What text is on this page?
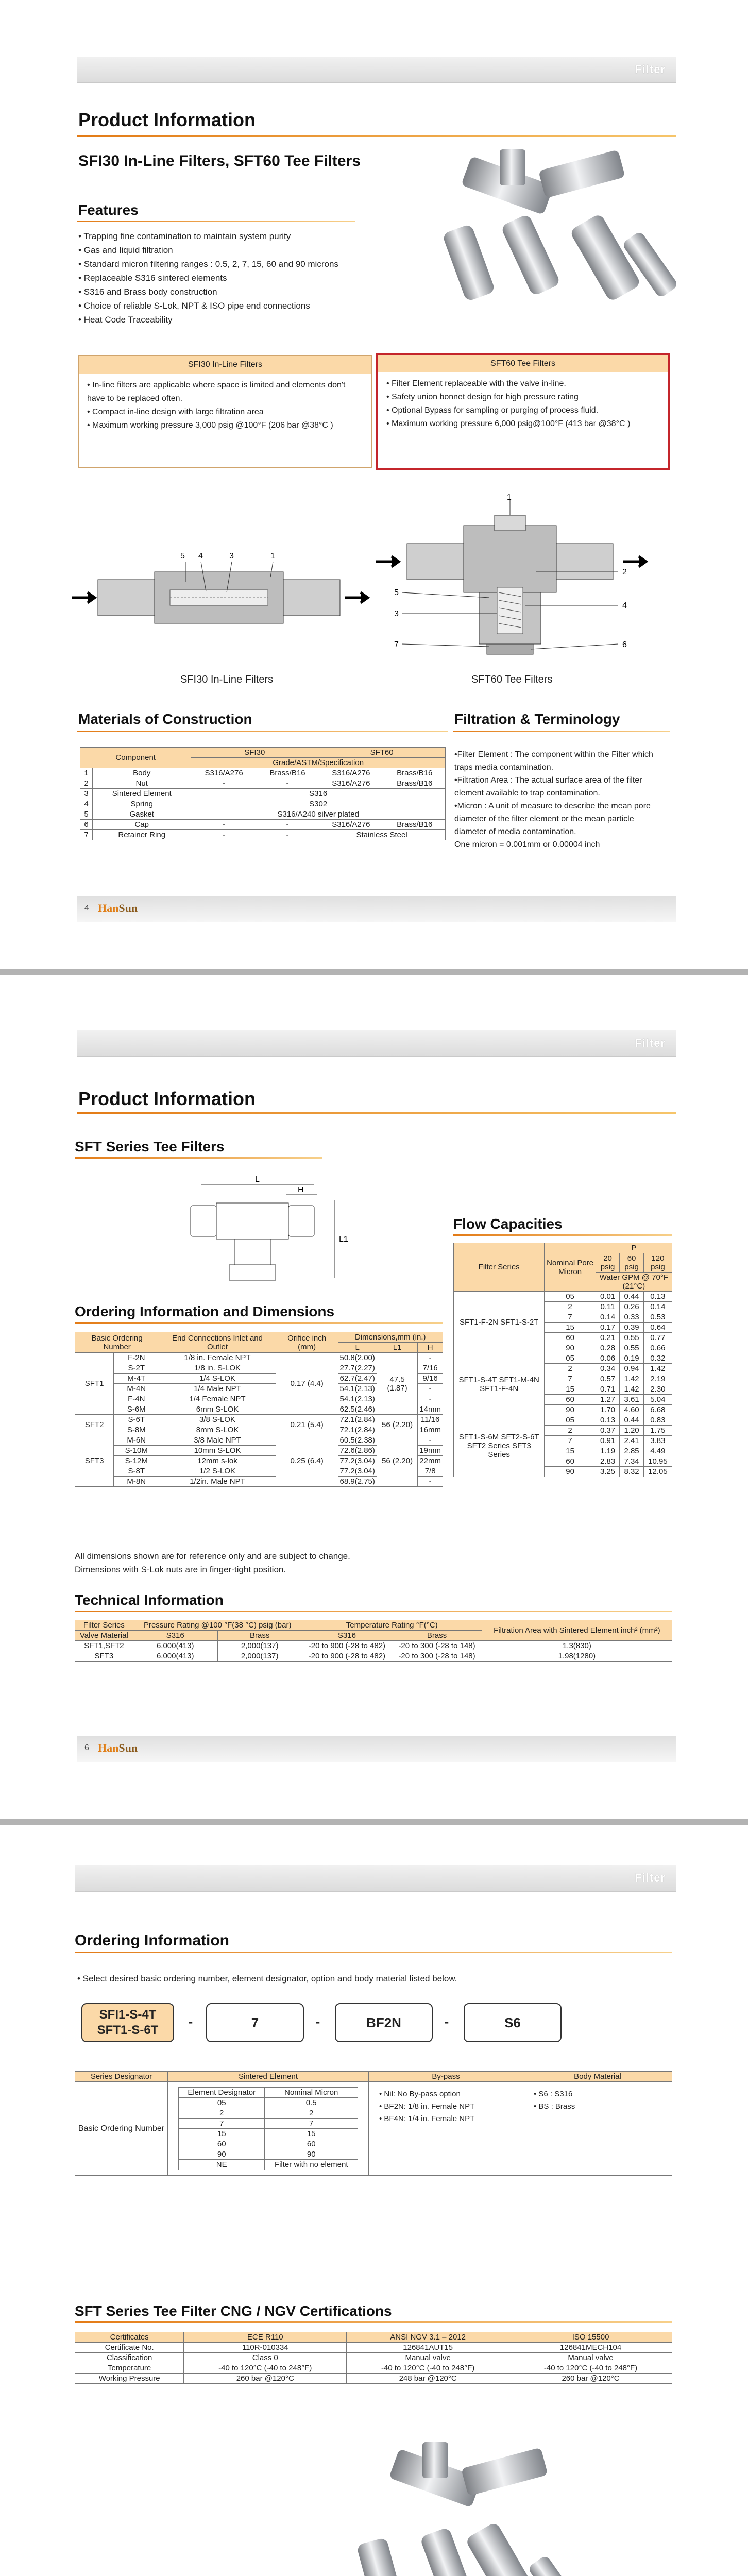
Filter
Product Information
SFI30 In-Line Filters, SFT60 Tee Filters
Features
• Trapping fine contamination to maintain system purity
• Gas and liquid filtration
• Standard micron filtering ranges : 0.5, 2, 7, 15, 60 and 90 microns
• Replaceable S316 sintered elements
• S316 and Brass body construction
• Choice of reliable S-Lok, NPT & ISO pipe end connections
• Heat Code Traceability
SFI30 In-Line Filters
• In-line filters are applicable where space is limited and elements don't have to be replaced often.
• Compact in-line design with large filtration area
• Maximum working pressure 3,000 psig @100°F (206 bar @38°C )
SFT60 Tee Filters
• Filter Element replaceable with the valve in-line.
• Safety union bonnet design for high pressure rating
• Optional Bypass for sampling or purging of process fluid.
• Maximum working pressure 6,000 psig@100°F (413 bar @38°C )
5 4	3	1
SFI30 In-Line Filters
1
5
3
2
4
7	6
SFT60 Tee Filters
Materials of Construction
Component		SFI30		SFT60	
		Grade/ASTM/Specification			
1	Body	S316/A276	Brass/B16	S316/A276	Brass/B16
2	Nut	-	-	S316/A276	Brass/B16
3	Sintered Element	S316			
4	Spring	S302			
5	Gasket	S316/A240 silver plated			
6	Cap	-	-	S316/A276	Brass/B16
7	Retainer Ring	-	-	Stainless Steel	
Filtration & Terminology

•Filter Element : The component within the Filter which traps media contamination.

•Filtration Area : The actual surface area of the filter element available to trap contamination.

•Micron : A unit of measure to describe the mean pore diameter of the filter element or the mean particle diameter of media contamination.

One micron = 0.001mm or 0.00004 inch

4 HanSun
Filter
Product Information
SFT Series Tee Filters
L
H
L1
Ordering Information and Dimensions
Basic Ordering Number		End Connections Inlet and Outlet	Orifice inch (mm)	Dimensions,mm (in.)		
				L	L1	H
SFT1	F-2N	1/8 in. Female NPT	0.17 (4.4)	50.8(2.00)	47.5 (1.87)	-
	S-2T	1/8 in. S-LOK		27.7(2.27)		7/16
	M-4T	1/4 S-LOK		62.7(2.47)		9/16
	M-4N	1/4 Male NPT		54.1(2.13)		-
	F-4N	1/4 Female NPT		54.1(2.13)		-
	S-6M	6mm S-LOK		62.5(2.46)		14mm
SFT2	S-6T	3/8 S-LOK	0.21 (5.4)	72.1(2.84)	56 (2.20)	11/16
	S-8M	8mm S-LOK		72.1(2.84)		16mm
SFT3	M-6N	3/8 Male NPT	0.25 (6.4)	60.5(2.38)	56 (2.20)	-
	S-10M	10mm S-LOK		72.6(2.86)		19mm
	S-12M	12mm s-lok		77.2(3.04)		22mm
	S-8T	1/2 S-LOK		77.2(3.04)		7/8
	M-8N	1/2in. Male NPT		68.9(2.75)		-

All dimensions shown are for reference only and are subject to change.

Dimensions with S-Lok nuts are in finger-tight position.

Flow Capacities
Filter Series	Nominal Pore Micron	P		
		20 psig	60 psig	120 psig
		Water GPM @ 70°F (21°C)		
SFT1-F-2N SFT1-S-2T	05	0.01	0.44	0.13
	2	0.11	0.26	0.14
	7	0.14	0.33	0.53
	15	0.17	0.39	0.64
	60	0.21	0.55	0.77
	90	0.28	0.55	0.66
SFT1-S-4T SFT1-M-4N SFT1-F-4N	05	0.06	0.19	0.32
	2	0.34	0.94	1.42
	7	0.57	1.42	2.19
	15	0.71	1.42	2.30
	60	1.27	3.61	5.04
	90	1.70	4.60	6.68
SFT1-S-6M SFT2-S-6T SFT2 Series SFT3 Series	05	0.13	0.44	0.83
	2	0.37	1.20	1.75
	7	0.91	2.41	3.83
	15	1.19	2.85	4.49
	60	2.83	7.34	10.95
	90	3.25	8.32	12.05
Technical Information
Filter Series	Pressure Rating @100 °F(38 °C) psig (bar)		Temperature Rating °F(°C)		Filtration Area with Sintered Element inch² (mm²)
Valve Material	S316	Brass	S316	Brass	
SFT1,SFT2	6,000(413)	2,000(137)	-20 to 900 (-28 to 482)	-20 to 300 (-28 to 148)	1.3(830)
SFT3	6,000(413)	2,000(137)	-20 to 900 (-28 to 482)	-20 to 300 (-28 to 148)	1.98(1280)
6 HanSun
Filter
Ordering Information
• Select desired basic ordering number, element designator, option and body material listed below.
SFI1-S-4T SFT1-S-6T
-	7	-	BF2N	-	S6
Series Designator	Sintered Element	By-pass	Body Material
Basic Ordering Number	
Element Designator	Nominal Micron
05	0.5
2	2
7	7
15	15
60	60
90	90
NE	Filter with no element

• Nil: No By-pass option

• BF2N: 1/8 in. Female NPT

• BF4N: 1/4 in. Female NPT

• S6 : S316

• BS : Brass

SFT Series Tee Filter CNG / NGV Certifications
Certificates	ECE R110	ANSI NGV 3.1 – 2012	ISO 15500
Certificate No.	110R-010334	126841AUT15	126841MECH104
Classification	Class 0	Manual valve	Manual valve
Temperature	-40 to 120°C (-40 to 248°F)	-40 to 120°C (-40 to 248°F)	-40 to 120°C (-40 to 248°F)
Working Pressure	260 bar @120°C	248 bar @120°C	260 bar @120°C
